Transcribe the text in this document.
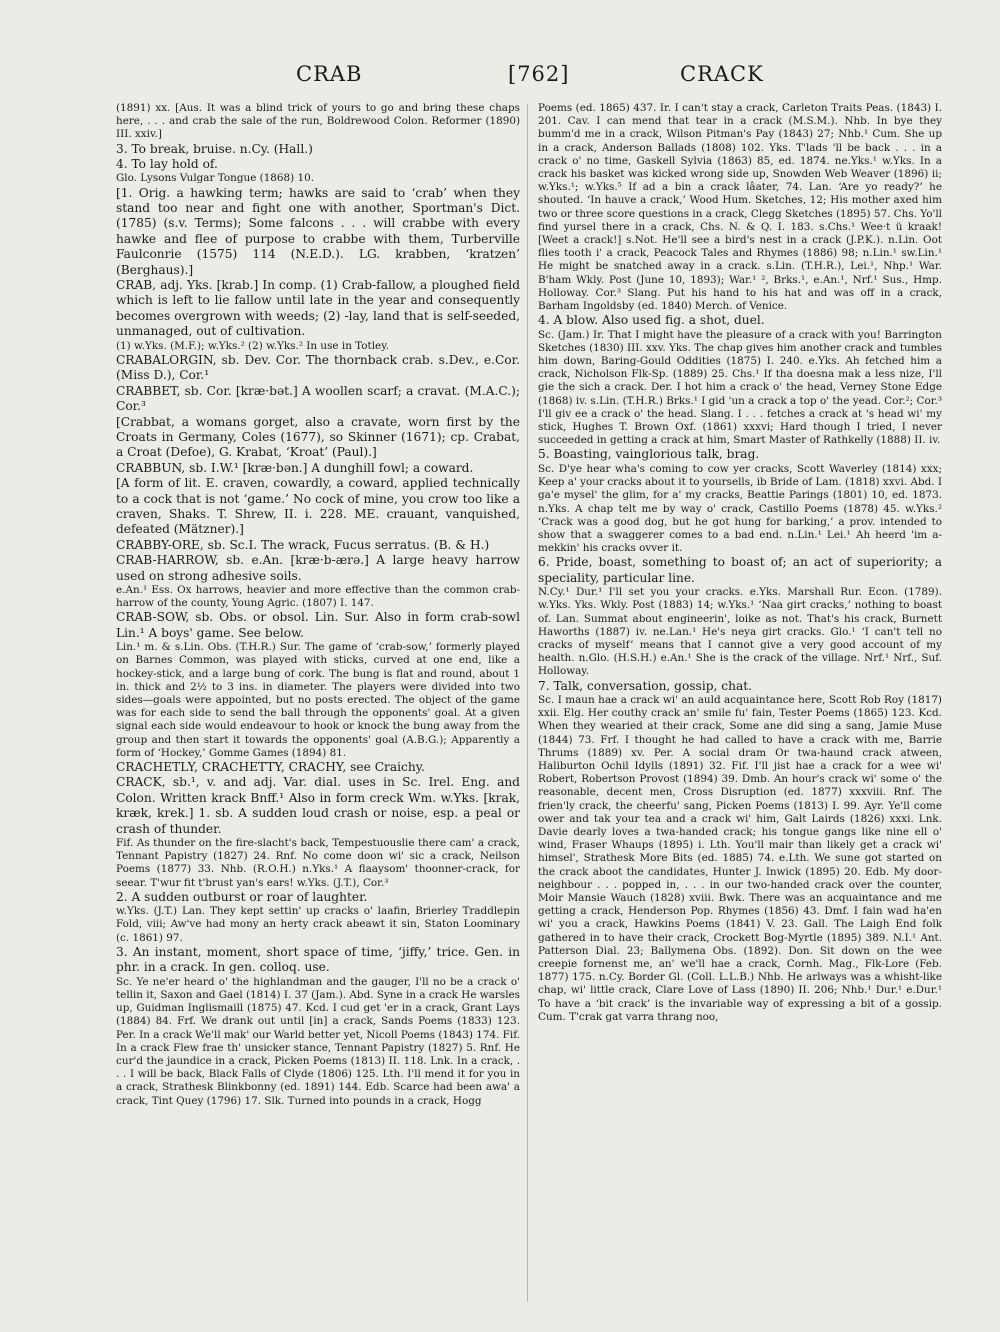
CRAB	[762]	CRACK

(1891) xx. [Aus. It was a blind trick of yours to go and bring these chaps here, . . . and crab the sale of the run, Boldrewood Colon. Reformer (1890) III. xxiv.]

3. To break, bruise. n.Cy. (Hall.)

4. To lay hold of.

Glo. Lysons Vulgar Tongue (1868) 10.

[1. Orig. a hawking term; hawks are said to ‘crab’ when they stand too near and fight one with another, Sportman's Dict. (1785) (s.v. Terms); Some falcons . . . will crabbe with every hawke and flee of purpose to crabbe with them, Turberville Faulconrie (1575) 114 (N.E.D.). LG. krabben, ‘kratzen’ (Berghaus).]

CRAB, adj. Yks. [krab.] In comp. (1) Crab-fallow, a ploughed field which is left to lie fallow until late in the year and consequently becomes overgrown with weeds; (2) -lay, land that is self-seeded, unmanaged, out of cultivation.

(1) w.Yks. (M.F.); w.Yks.² (2) w.Yks.² In use in Totley.

CRABALORGIN, sb. Dev. Cor. The thornback crab. s.Dev., e.Cor. (Miss D.), Cor.¹

CRABBET, sb. Cor. [kræ·bət.] A woollen scarf; a cravat. (M.A.C.); Cor.³

[Crabbat, a womans gorget, also a cravate, worn first by the Croats in Germany, Coles (1677), so Skinner (1671); cp. Crabat, a Croat (Defoe), G. Krabat, ‘Kroat’ (Paul).]

CRABBUN, sb. I.W.¹ [kræ·bən.] A dunghill fowl; a coward.

[A form of lit. E. craven, cowardly, a coward, applied technically to a cock that is not ‘game.’ No cock of mine, you crow too like a craven, Shaks. T. Shrew, II. i. 228. ME. crauant, vanquished, defeated (Mätzner).]

CRABBY-ORE, sb. Sc.I. The wrack, Fucus serratus. (B. & H.)

CRAB-HARROW, sb. e.An. [kræ·b-ærə.] A large heavy harrow used on strong adhesive soils.

e.An.¹ Ess. Ox harrows, heavier and more effective than the common crab-harrow of the county, Young Agric. (1807) I. 147.

CRAB-SOW, sb. Obs. or obsol. Lin. Sur. Also in form crab-sowl Lin.¹ A boys' game. See below.

Lin.¹ m. & s.Lin. Obs. (T.H.R.) Sur. The game of ‘crab-sow,’ formerly played on Barnes Common, was played with sticks, curved at one end, like a hockey-stick, and a large bung of cork. The bung is flat and round, about 1 in. thick and 2½ to 3 ins. in diameter. The players were divided into two sides—goals were appointed, but no posts erected. The object of the game was for each side to send the ball through the opponents' goal. At a given signal each side would endeavour to hook or knock the bung away from the group and then start it towards the opponents' goal (A.B.G.); Apparently a form of ‘Hockey,’ Gomme Games (1894) 81.

CRACHETLY, CRACHETTY, CRACHY, see Craichy.

CRACK, sb.¹, v. and adj. Var. dial. uses in Sc. Irel. Eng. and Colon. Written krack Bnff.¹ Also in form creck Wm. w.Yks. [krak, kræk, krek.] 1. sb. A sudden loud crash or noise, esp. a peal or crash of thunder.

Fif. As thunder on the fire-slacht's back, Tempestuouslie there cam' a crack, Tennant Papistry (1827) 24. Rnf. No come doon wi' sic a crack, Neilson Poems (1877) 33. Nhb. (R.O.H.) n.Yks.¹ A flaaysom' thoonner-crack, for seear. T'wur fit t'brust yan's ears! w.Yks. (J.T.), Cor.³

2. A sudden outburst or roar of laughter.

w.Yks. (J.T.) Lan. They kept settin' up cracks o' laafin, Brierley Traddlepin Fold, viii; Aw've had mony an herty crack abeawt it sin, Staton Loominary (c. 1861) 97.

3. An instant, moment, short space of time, ‘jiffy,’ trice. Gen. in phr. in a crack. In gen. colloq. use.

Sc. Ye ne'er heard o' the highlandman and the gauger, I'll no be a crack o' tellin it, Saxon and Gael (1814) I. 37 (Jam.). Abd. Syne in a crack He warsles up, Guidman Inglismaill (1875) 47. Kcd. I cud get 'er in a crack, Grant Lays (1884) 84. Frf. We drank out until [in] a crack, Sands Poems (1833) 123. Per. In a crack We'll mak' our Warld better yet, Nicoll Poems (1843) 174. Fif. In a crack Flew frae th' unsicker stance, Tennant Papistry (1827) 5. Rnf. He cur'd the jaundice in a crack, Picken Poems (1813) II. 118. Lnk. In a crack, . . . I will be back, Black Falls of Clyde (1806) 125. Lth. I'll mend it for you in a crack, Strathesk Blinkbonny (ed. 1891) 144. Edb. Scarce had been awa' a crack, Tint Quey (1796) 17. Slk. Turned into pounds in a crack, Hogg

Poems (ed. 1865) 437. Ir. I can't stay a crack, Carleton Traits Peas. (1843) I. 201. Cav. I can mend that tear in a crack (M.S.M.). Nhb. In bye they bumm'd me in a crack, Wilson Pitman's Pay (1843) 27; Nhb.¹ Cum. She up in a crack, Anderson Ballads (1808) 102. Yks. T'lads 'll be back . . . in a crack o' no time, Gaskell Sylvia (1863) 85, ed. 1874. ne.Yks.¹ w.Yks. In a crack his basket was kicked wrong side up, Snowden Web Weaver (1896) ii; w.Yks.¹; w.Yks.⁵ If ad a bin a crack lâater, 74. Lan. ‘Are yo ready?’ he shouted. ‘In hauve a crack,’ Wood Hum. Sketches, 12; His mother axed him two or three score questions in a crack, Clegg Sketches (1895) 57. Chs. Yo'll find yursel there in a crack, Chs. N. & Q. I. 183. s.Chs.¹ Wee·t ü kraak! [Weet a crack!] s.Not. He'll see a bird's nest in a crack (J.P.K.). n.Lin. Oot flies tooth i' a crack, Peacock Tales and Rhymes (1886) 98; n.Lin.¹ sw.Lin.¹ He might be snatched away in a crack. s.Lin. (T.H.R.), Lei.¹, Nhp.¹ War. B'ham Wkly. Post (June 10, 1893); War.¹ ², Brks.¹, e.An.¹, Nrf.¹ Sus., Hmp. Holloway. Cor.³ Slang. Put his hand to his hat and was off in a crack, Barham Ingoldsby (ed. 1840) Merch. of Venice.

4. A blow. Also used fig. a shot, duel.

Sc. (Jam.) Ir. That I might have the pleasure of a crack with you! Barrington Sketches (1830) III. xxv. Yks. The chap gives him another crack and tumbles him down, Baring-Gould Oddities (1875) I. 240. e.Yks. Ah fetched him a crack, Nicholson Flk-Sp. (1889) 25. Chs.¹ If tha doesna mak a less nize, I'll gie the sich a crack. Der. I hot him a crack o' the head, Verney Stone Edge (1868) iv. s.Lin. (T.H.R.) Brks.¹ I gid 'un a crack a top o' the yead. Cor.²; Cor.³ I'll giv ee a crack o' the head. Slang. I . . . fetches a crack at 's head wi' my stick, Hughes T. Brown Oxf. (1861) xxxvi; Hard though I tried, I never succeeded in getting a crack at him, Smart Master of Rathkelly (1888) II. iv.

5. Boasting, vainglorious talk, brag.

Sc. D'ye hear wha's coming to cow yer cracks, Scott Waverley (1814) xxx; Keep a' your cracks about it to yoursells, ib Bride of Lam. (1818) xxvi. Abd. I ga'e mysel' the glim, for a' my cracks, Beattie Parings (1801) 10, ed. 1873. n.Yks. A chap telt me by way o' crack, Castillo Poems (1878) 45. w.Yks.² ‘Crack was a good dog, but he got hung for barking,’ a prov. intended to show that a swaggerer comes to a bad end. n.Lin.¹ Lei.¹ Ah heerd 'im a-mekkin' his cracks ovver it.

6. Pride, boast, something to boast of; an act of superiority; a speciality, particular line.

N.Cy.¹ Dur.¹ I'll set you your cracks. e.Yks. Marshall Rur. Econ. (1789). w.Yks. Yks. Wkly. Post (1883) 14; w.Yks.¹ ‘Naa girt cracks,’ nothing to boast of. Lan. Summat about engineerin', loike as not. That's his crack, Burnett Haworths (1887) iv. ne.Lan.¹ He's neya girt cracks. Glo.¹ ‘I can't tell no cracks of myself’ means that I cannot give a very good account of my health. n.Glo. (H.S.H.) e.An.¹ She is the crack of the village. Nrf.¹ Nrf., Suf. Holloway.

7. Talk, conversation, gossip, chat.

Sc. I maun hae a crack wi' an auld acquaintance here, Scott Rob Roy (1817) xxii. Elg. Her couthy crack an' smile fu' fain, Tester Poems (1865) 123. Kcd. When they wearied at their crack, Some ane did sing a sang, Jamie Muse (1844) 73. Frf. I thought he had called to have a crack with me, Barrie Thrums (1889) xv. Per. A social dram Or twa-haund crack atween, Haliburton Ochil Idylls (1891) 32. Fif. I'll jist hae a crack for a wee wi' Robert, Robertson Provost (1894) 39. Dmb. An hour's crack wi' some o' the reasonable, decent men, Cross Disruption (ed. 1877) xxxviii. Rnf. The frien'ly crack, the cheerfu' sang, Picken Poems (1813) I. 99. Ayr. Ye'll come ower and tak your tea and a crack wi' him, Galt Lairds (1826) xxxi. Lnk. Davie dearly loves a twa-handed crack; his tongue gangs like nine ell o' wind, Fraser Whaups (1895) i. Lth. You'll mair than likely get a crack wi' himsel', Strathesk More Bits (ed. 1885) 74. e.Lth. We sune got started on the crack aboot the candidates, Hunter J. Inwick (1895) 20. Edb. My door-neighbour . . . popped in, . . . in our two-handed crack over the counter, Moir Mansie Wauch (1828) xviii. Bwk. There was an acquaintance and me getting a crack, Henderson Pop. Rhymes (1856) 43. Dmf. I fain wad ha'en wi' you a crack, Hawkins Poems (1841) V. 23. Gall. The Laigh End folk gathered in to have their crack, Crockett Bog-Myrtle (1895) 389. N.I.¹ Ant. Patterson Dial. 23; Ballymena Obs. (1892). Don. Sit down on the wee creepie fornenst me, an' we'll hae a crack, Cornh. Mag., Flk-Lore (Feb. 1877) 175. n.Cy. Border Gl. (Coll. L.L.B.) Nhb. He arlways was a whisht-like chap, wi' little crack, Clare Love of Lass (1890) II. 206; Nhb.¹ Dur.¹ e.Dur.¹ To have a ‘bit crack’ is the invariable way of expressing a bit of a gossip. Cum. T'crak gat varra thrang noo,
